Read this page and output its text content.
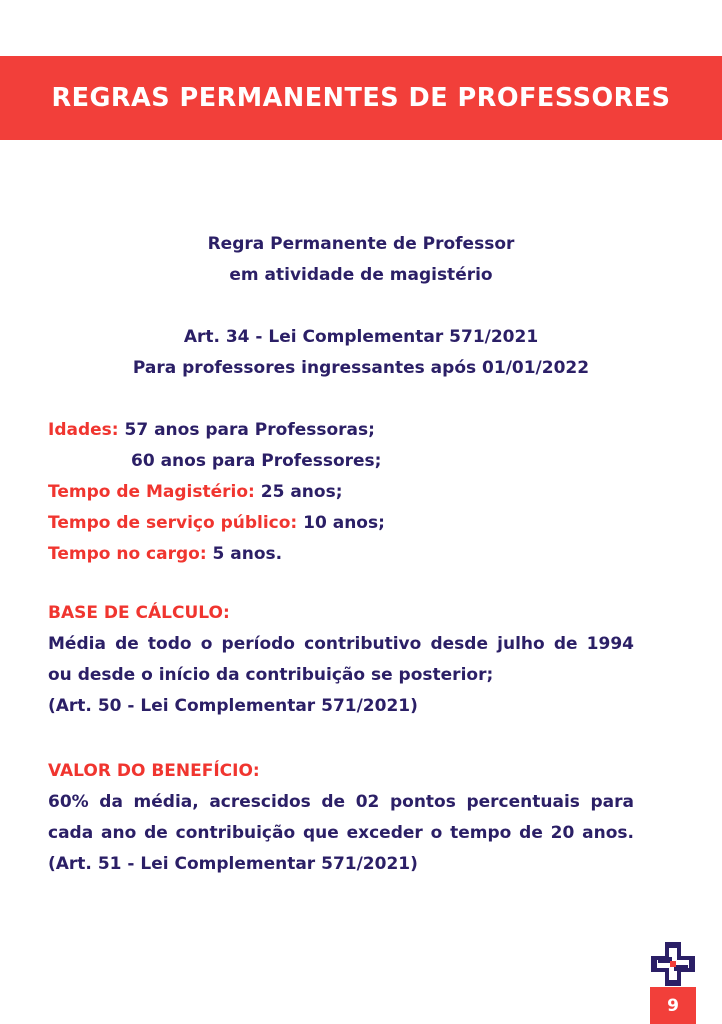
REGRAS PERMANENTES DE PROFESSORES
Regra Permanente de Professor
em atividade de magistério
Art. 34 - Lei Complementar 571/2021
Para professores ingressantes após 01/01/2022
Idades: 57 anos para Professoras;
60 anos para Professores;
Tempo de Magistério: 25 anos;
Tempo de serviço público: 10 anos;
Tempo no cargo: 5 anos.
BASE DE CÁLCULO:
Média de todo o período contributivo desde julho de 1994 ou desde o início da contribuição se posterior;
(Art. 50 - Lei Complementar 571/2021)
VALOR DO BENEFÍCIO:
60% da média, acrescidos de 02 pontos percentuais para cada ano de contribuição que exceder o tempo de 20 anos. (Art. 51 - Lei Complementar 571/2021)
9
